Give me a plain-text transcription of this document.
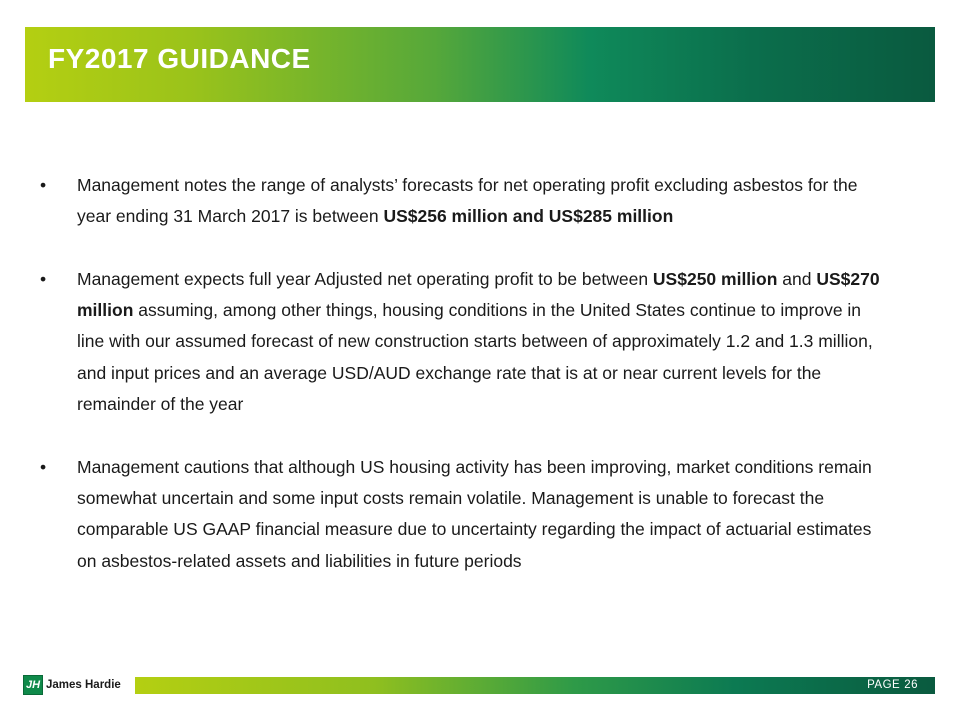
FY2017 GUIDANCE
•	Management notes the range of analysts’ forecasts for net operating profit excluding asbestos for the year ending 31 March 2017 is between US$256 million and US$285 million
•	Management expects full year Adjusted net operating profit to be between US$250 million and US$270 million assuming, among other things, housing conditions in the United States continue to improve in line with our assumed forecast of new construction starts between of approximately 1.2 and 1.3 million, and input prices and an average USD/AUD exchange rate that is at or near current levels for the remainder of the year
•	Management cautions that although US housing activity has been improving, market conditions remain somewhat uncertain and some input costs remain volatile. Management is unable to forecast the comparable US GAAP financial measure due to uncertainty regarding the impact of actuarial estimates on asbestos-related assets and liabilities in future periods
JH James Hardie	PAGE 26
